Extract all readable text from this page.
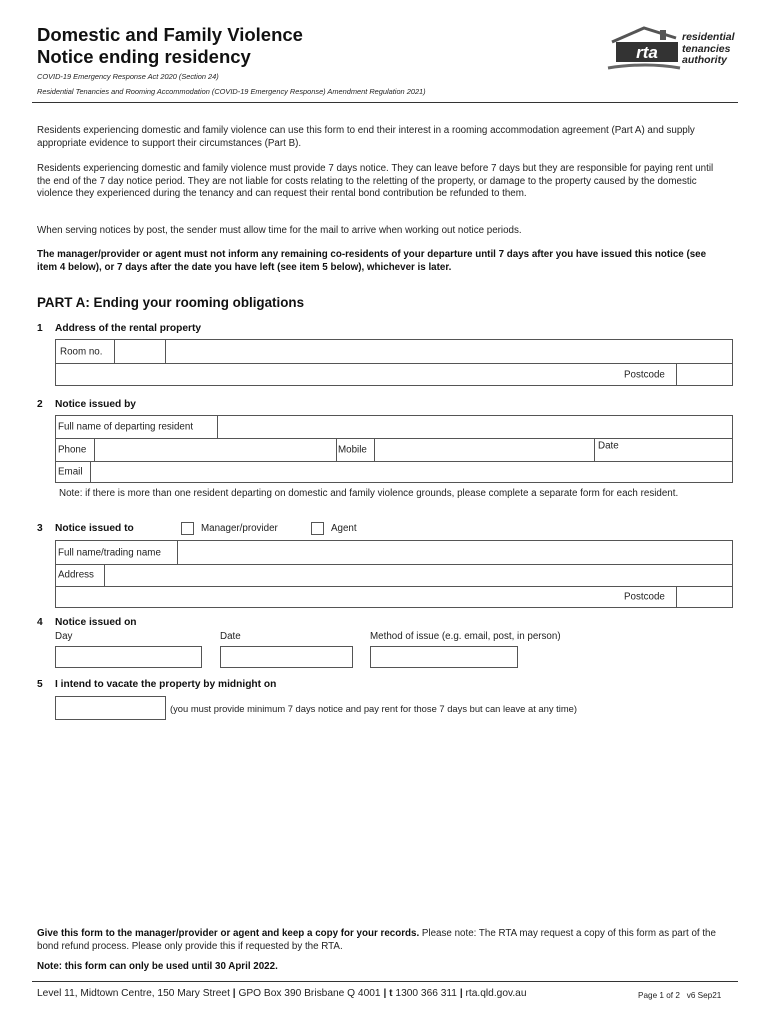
Domestic and Family Violence
Notice ending residency
COVID-19 Emergency Response Act 2020 (Section 24)
Residential Tenancies and Rooming Accommodation (COVID-19 Emergency Response) Amendment Regulation 2021)
rta
residential
tenancies
authority
Residents experiencing domestic and family violence can use this form to end their interest in a rooming accommodation agreement (Part A) and supply appropriate evidence to support their circumstances (Part B).
Residents experiencing domestic and family violence must provide 7 days notice. They can leave before 7 days but they are responsible for paying rent until the end of the 7 day notice period. They are not liable for costs relating to the reletting of the property, or damage to the property caused by the domestic violence they experienced during the tenancy and can request their rental bond contribution be refunded to them.
When serving notices by post, the sender must allow time for the mail to arrive when working out notice periods.
The manager/provider or agent must not inform any remaining co-residents of your departure until 7 days after you have issued this notice (see item 4 below), or 7 days after the date you have left (see item 5 below), whichever is later.
PART A: Ending your rooming obligations
1 Address of the rental property
Room no.
Postcode
2 Notice issued by
Full name of departing resident
Phone	Mobile	Date
Email
Note: if there is more than one resident departing on domestic and family violence grounds, please complete a separate form for each resident.
3 Notice issued to	Manager/provider	Agent
Full name/trading name
Address
Postcode
4 Notice issued on
Day	Date	Method of issue (e.g. email, post, in person)
5 I intend to vacate the property by midnight on
(you must provide minimum 7 days notice and pay rent for those 7 days but can leave at any time)
Give this form to the manager/provider or agent and keep a copy for your records. Please note: The RTA may request a copy of this form as part of the bond refund process. Please only provide this if requested by the RTA.
Note: this form can only be used until 30 April 2022.
Level 11, Midtown Centre, 150 Mary Street | GPO Box 390 Brisbane Q 4001 | t 1300 366 311 | rta.qld.gov.au	Page 1 of 2 v6 Sep21
